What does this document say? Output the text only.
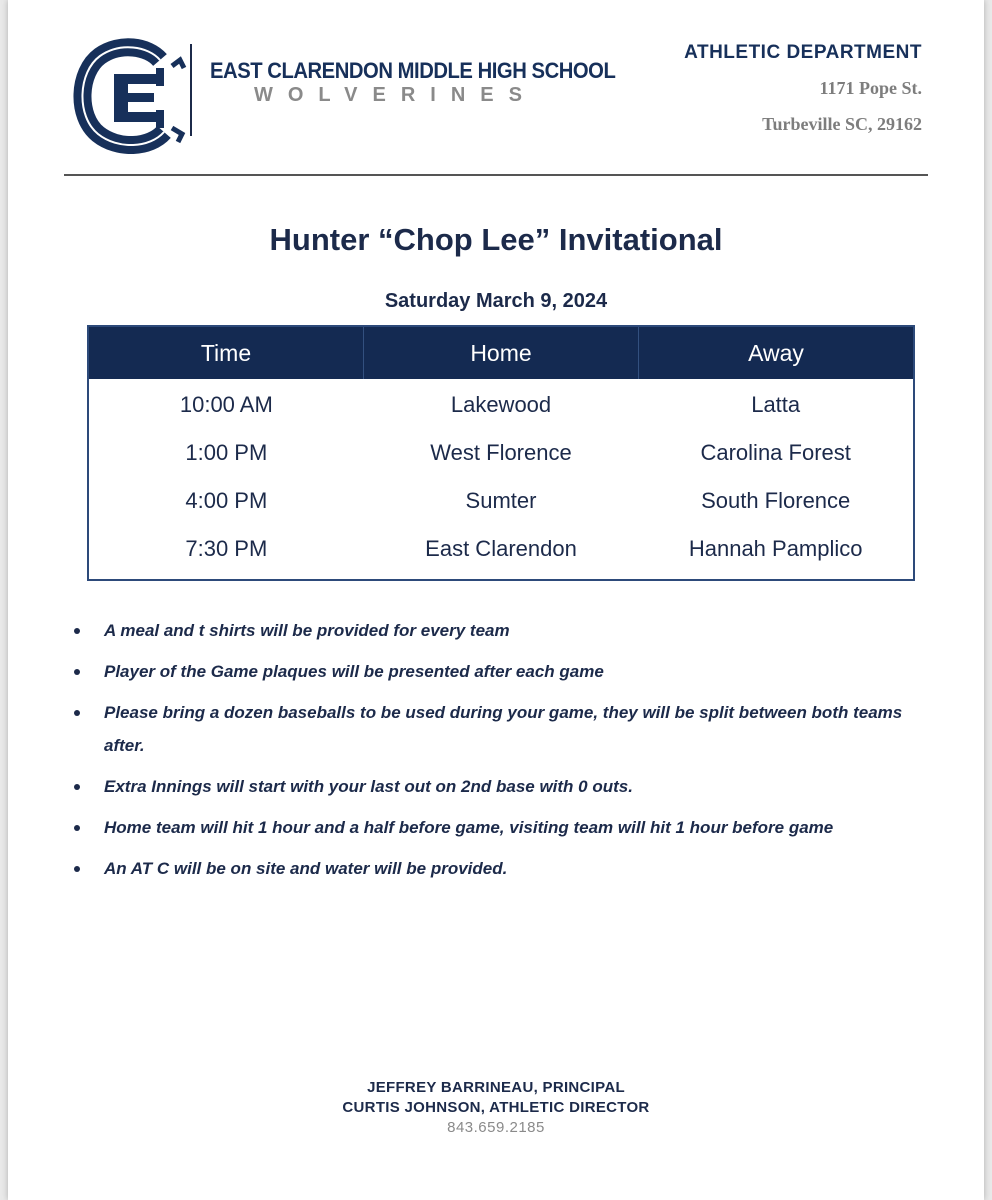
EAST CLARENDON MIDDLE HIGH SCHOOL
WOLVERINES
ATHLETIC DEPARTMENT
1171 Pope St.
Turbeville SC, 29162
Hunter “Chop Lee” Invitational
Saturday March 9, 2024
Time	Home	Away
10:00 AM	Lakewood	Latta
1:00 PM	West Florence	Carolina Forest
4:00 PM	Sumter	South Florence
7:30 PM	East Clarendon	Hannah Pamplico
A meal and t shirts will be provided for every team
Player of the Game plaques will be presented after each game
Please bring a dozen baseballs to be used during your game, they will be split between both teams after.
Extra Innings will start with your last out on 2nd base with 0 outs.
Home team will hit 1 hour and a half before game, visiting team will hit 1 hour before game
An AT C will be on site and water will be provided.
JEFFREY BARRINEAU, PRINCIPAL
CURTIS JOHNSON, ATHLETIC DIRECTOR
843.659.2185
